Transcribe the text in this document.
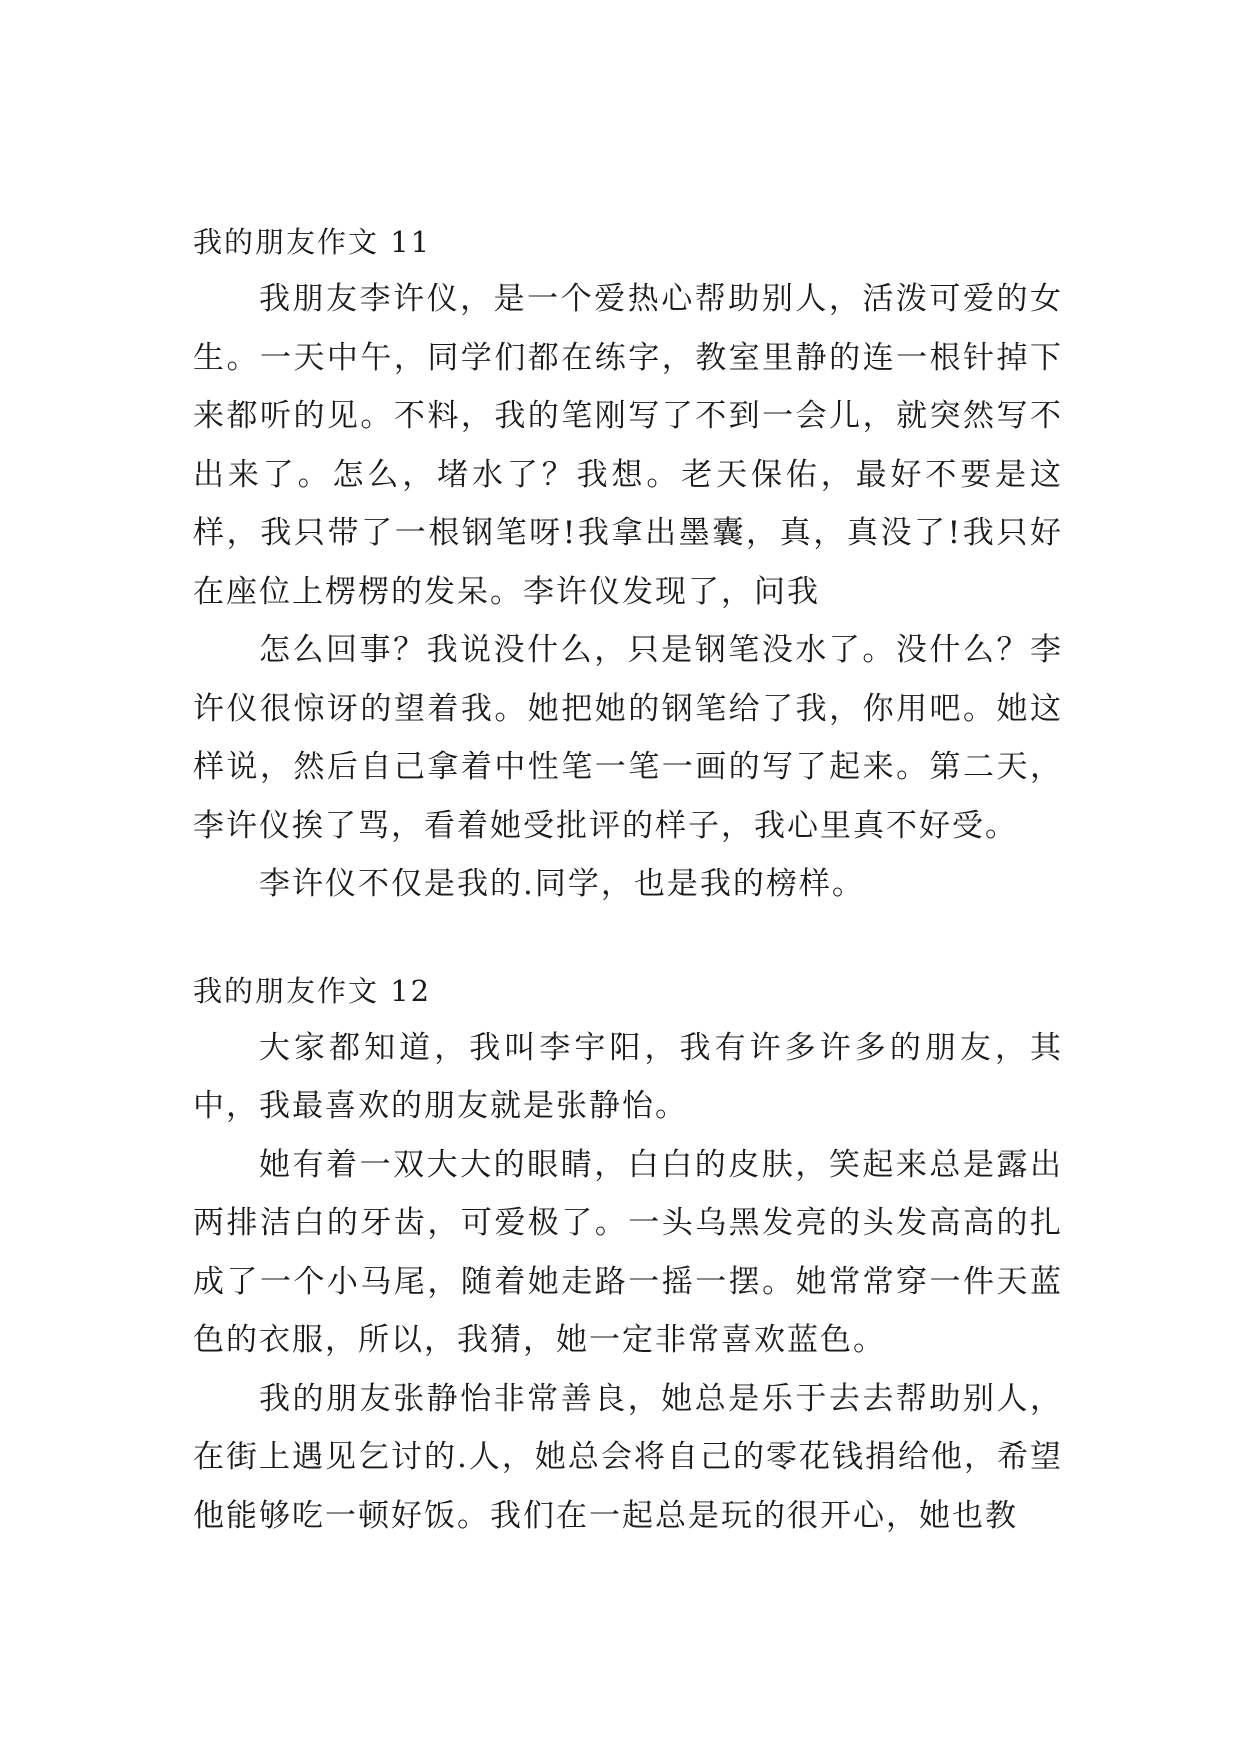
我的朋友作文 11

我朋友李许仪，是一个爱热心帮助别人，活泼可爱的女生。一天中午，同学们都在练字，教室里静的连一根针掉下来都听的见。不料，我的笔刚写了不到一会儿，就突然写不出来了。怎么，堵水了？我想。老天保佑，最好不要是这样，我只带了一根钢笔呀!我拿出墨囊，真，真没了!我只好在座位上楞楞的发呆。李许仪发现了，问我

怎么回事？我说没什么，只是钢笔没水了。没什么？李许仪很惊讶的望着我。她把她的钢笔给了我，你用吧。她这样说，然后自己拿着中性笔一笔一画的写了起来。第二天，李许仪挨了骂，看着她受批评的样子，我心里真不好受。

李许仪不仅是我的.同学，也是我的榜样。

我的朋友作文 12

大家都知道，我叫李宇阳，我有许多许多的朋友，其中，我最喜欢的朋友就是张静怡。

她有着一双大大的眼睛，白白的皮肤，笑起来总是露出两排洁白的牙齿，可爱极了。一头乌黑发亮的头发高高的扎成了一个小马尾，随着她走路一摇一摆。她常常穿一件天蓝色的衣服，所以，我猜，她一定非常喜欢蓝色。

我的朋友张静怡非常善良，她总是乐于去去帮助别人，在街上遇见乞讨的.人，她总会将自己的零花钱捐给他，希望他能够吃一顿好饭。我们在一起总是玩的很开心，她也教
